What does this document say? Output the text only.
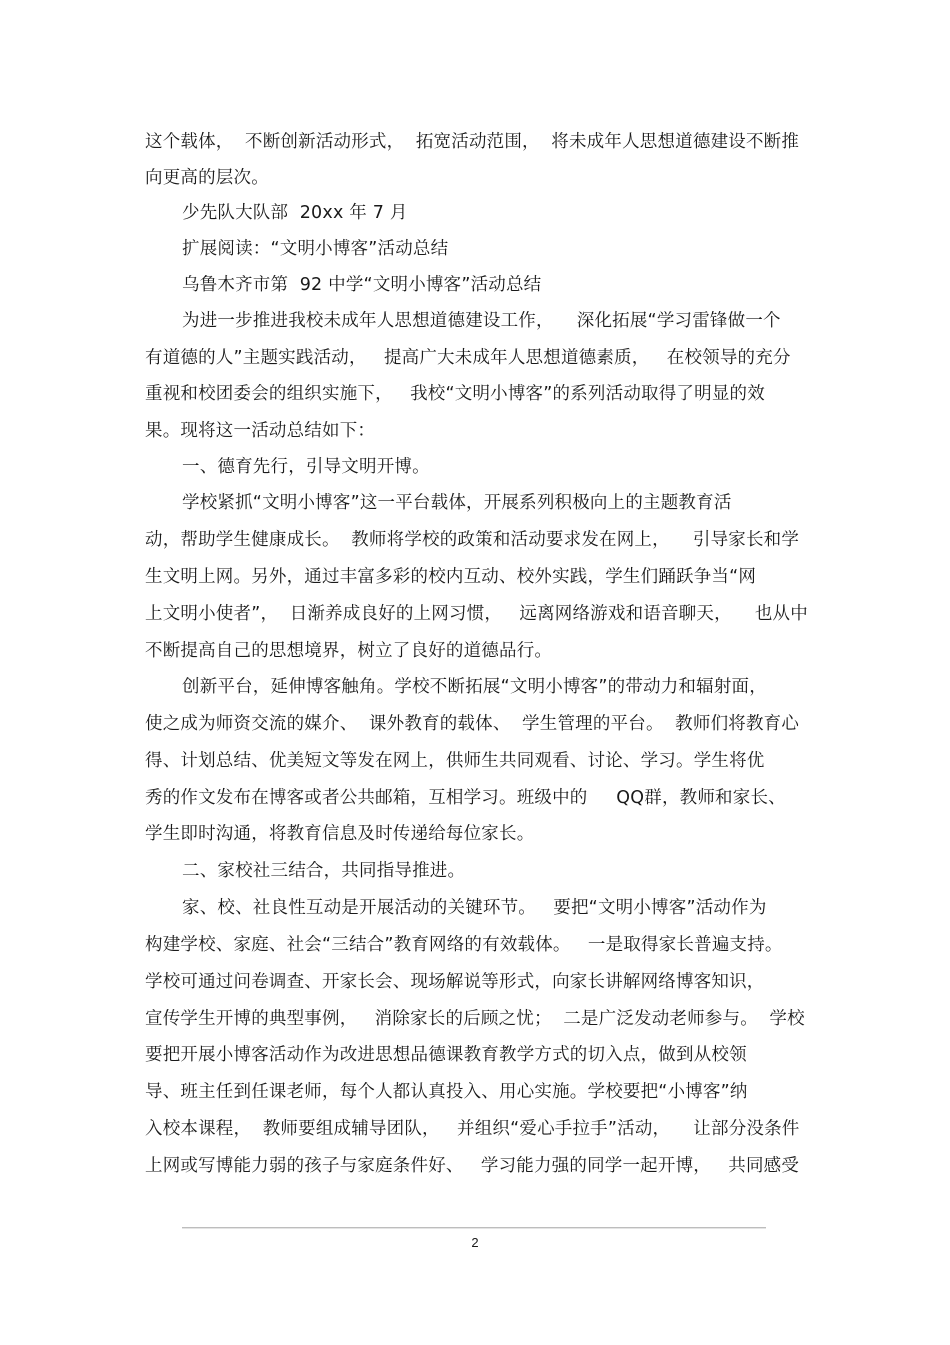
这个载体，  不断创新活动形式，  拓宽活动范围，  将未成年人思想道德建设不断推
向更高的层次。
少先队大队部  20xx 年 7 月
扩展阅读：“文明小博客”活动总结
乌鲁木齐市第  92 中学“文明小博客”活动总结
为进一步推进我校未成年人思想道德建设工作，    深化拓展“学习雷锋做一个
有道德的人”主题实践活动，   提高广大未成年人思想道德素质，   在校领导的充分
重视和校团委会的组织实施下，   我校“文明小博客”的系列活动取得了明显的效
果。现将这一活动总结如下：
一、德育先行，引导文明开博。
学校紧抓“文明小博客”这一平台载体，开展系列积极向上的主题教育活
动，帮助学生健康成长。  教师将学校的政策和活动要求发在网上，    引导家长和学
生文明上网。另外，通过丰富多彩的校内互动、校外实践，学生们踊跃争当“网
上文明小使者”，  日渐养成良好的上网习惯，   远离网络游戏和语音聊天，    也从中
不断提高自己的思想境界，树立了良好的道德品行。
创新平台，延伸博客触角。学校不断拓展“文明小博客”的带动力和辐射面，
使之成为师资交流的媒介、  课外教育的载体、  学生管理的平台。  教师们将教育心
得、计划总结、优美短文等发在网上，供师生共同观看、讨论、学习。学生将优
秀的作文发布在博客或者公共邮箱，互相学习。班级中的     QQ群，教师和家长、
学生即时沟通，将教育信息及时传递给每位家长。
二、家校社三结合，共同指导推进。
家、校、社良性互动是开展活动的关键环节。   要把“文明小博客”活动作为
构建学校、家庭、社会“三结合”教育网络的有效载体。   一是取得家长普遍支持。
学校可通过问卷调查、开家长会、现场解说等形式，向家长讲解网络博客知识，
宣传学生开博的典型事例，   消除家长的后顾之忧；  二是广泛发动老师参与。  学校
要把开展小博客活动作为改进思想品德课教育教学方式的切入点，做到从校领
导、班主任到任课老师，每个人都认真投入、用心实施。学校要把“小博客”纳
入校本课程，  教师要组成辅导团队，   并组织“爱心手拉手”活动，    让部分没条件
上网或写博能力弱的孩子与家庭条件好、   学习能力强的同学一起开博，   共同感受
2
